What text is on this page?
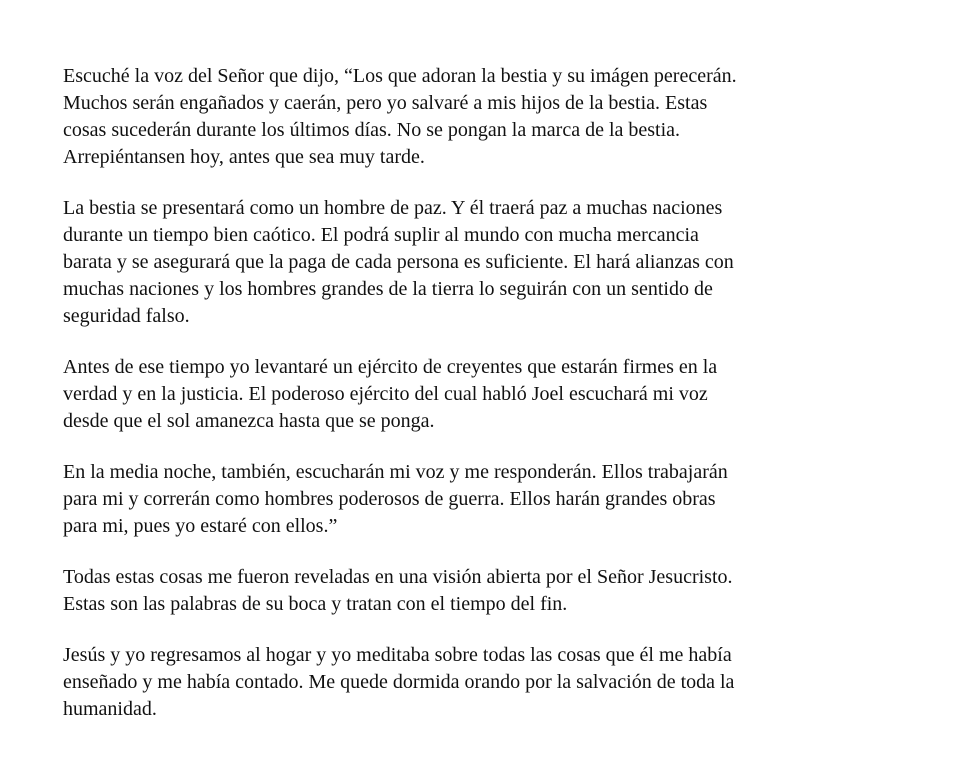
Escuché la voz del Señor que dijo, “Los que adoran la bestia y su imágen perecerán.
Muchos serán engañados y caerán, pero yo salvaré a mis hijos de la bestia. Estas
cosas sucederán durante los últimos días. No se pongan la marca de la bestia.
Arrepiéntansen hoy, antes que sea muy tarde.

La bestia se presentará como un hombre de paz. Y él traerá paz a muchas naciones
durante un tiempo bien caótico. El podrá suplir al mundo con mucha mercancia
barata y se asegurará que la paga de cada persona es suficiente. El hará alianzas con
muchas naciones y los hombres grandes de la tierra lo seguirán con un sentido de
seguridad falso.

Antes de ese tiempo yo levantaré un ejército de creyentes que estarán firmes en la
verdad y en la justicia. El poderoso ejército del cual habló Joel escuchará mi voz
desde que el sol amanezca hasta que se ponga.

En la media noche, también, escucharán mi voz y me responderán. Ellos trabajarán
para mi y correrán como hombres poderosos de guerra. Ellos harán grandes obras
para mi, pues yo estaré con ellos.”

Todas estas cosas me fueron reveladas en una visión abierta por el Señor Jesucristo.
Estas son las palabras de su boca y tratan con el tiempo del fin.

Jesús y yo regresamos al hogar y yo meditaba sobre todas las cosas que él me había
enseñado y me había contado. Me quede dormida orando por la salvación de toda la
humanidad.
